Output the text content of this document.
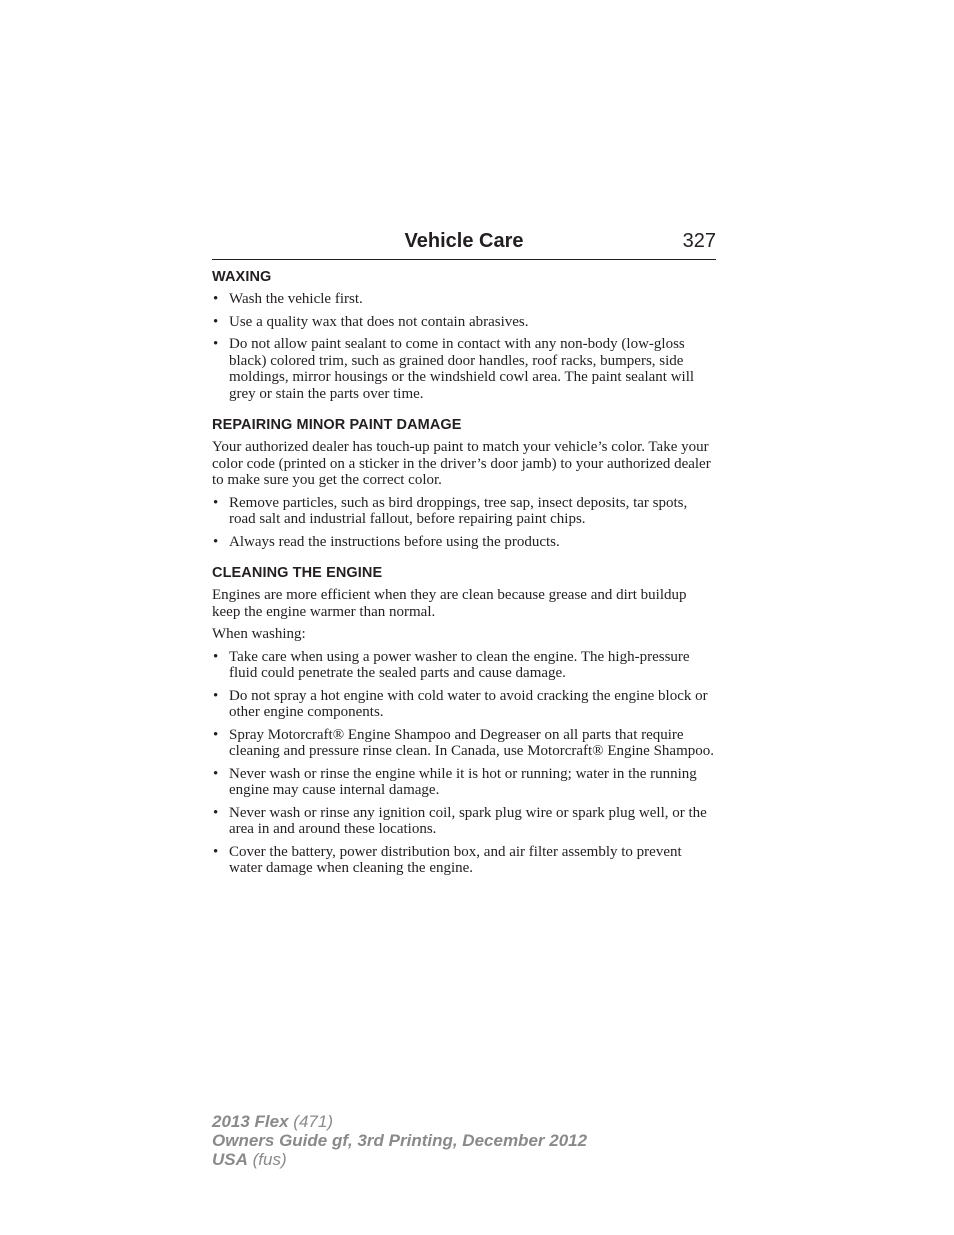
Vehicle Care	327
WAXING
• Wash the vehicle first.
• Use a quality wax that does not contain abrasives.
• Do not allow paint sealant to come in contact with any non-body (low-gloss black) colored trim, such as grained door handles, roof racks, bumpers, side moldings, mirror housings or the windshield cowl area. The paint sealant will grey or stain the parts over time.
REPAIRING MINOR PAINT DAMAGE

Your authorized dealer has touch-up paint to match your vehicle’s color. Take your color code (printed on a sticker in the driver’s door jamb) to your authorized dealer to make sure you get the correct color.

• Remove particles, such as bird droppings, tree sap, insect deposits, tar spots, road salt and industrial fallout, before repairing paint chips.
• Always read the instructions before using the products.
CLEANING THE ENGINE

Engines are more efficient when they are clean because grease and dirt buildup keep the engine warmer than normal.

When washing:

• Take care when using a power washer to clean the engine. The high-pressure fluid could penetrate the sealed parts and cause damage.
• Do not spray a hot engine with cold water to avoid cracking the engine block or other engine components.
• Spray Motorcraft® Engine Shampoo and Degreaser on all parts that require cleaning and pressure rinse clean. In Canada, use Motorcraft® Engine Shampoo.
• Never wash or rinse the engine while it is hot or running; water in the running engine may cause internal damage.
• Never wash or rinse any ignition coil, spark plug wire or spark plug well, or the area in and around these locations.
• Cover the battery, power distribution box, and air filter assembly to prevent water damage when cleaning the engine.
2013 Flex (471)
Owners Guide gf, 3rd Printing, December 2012
USA (fus)
